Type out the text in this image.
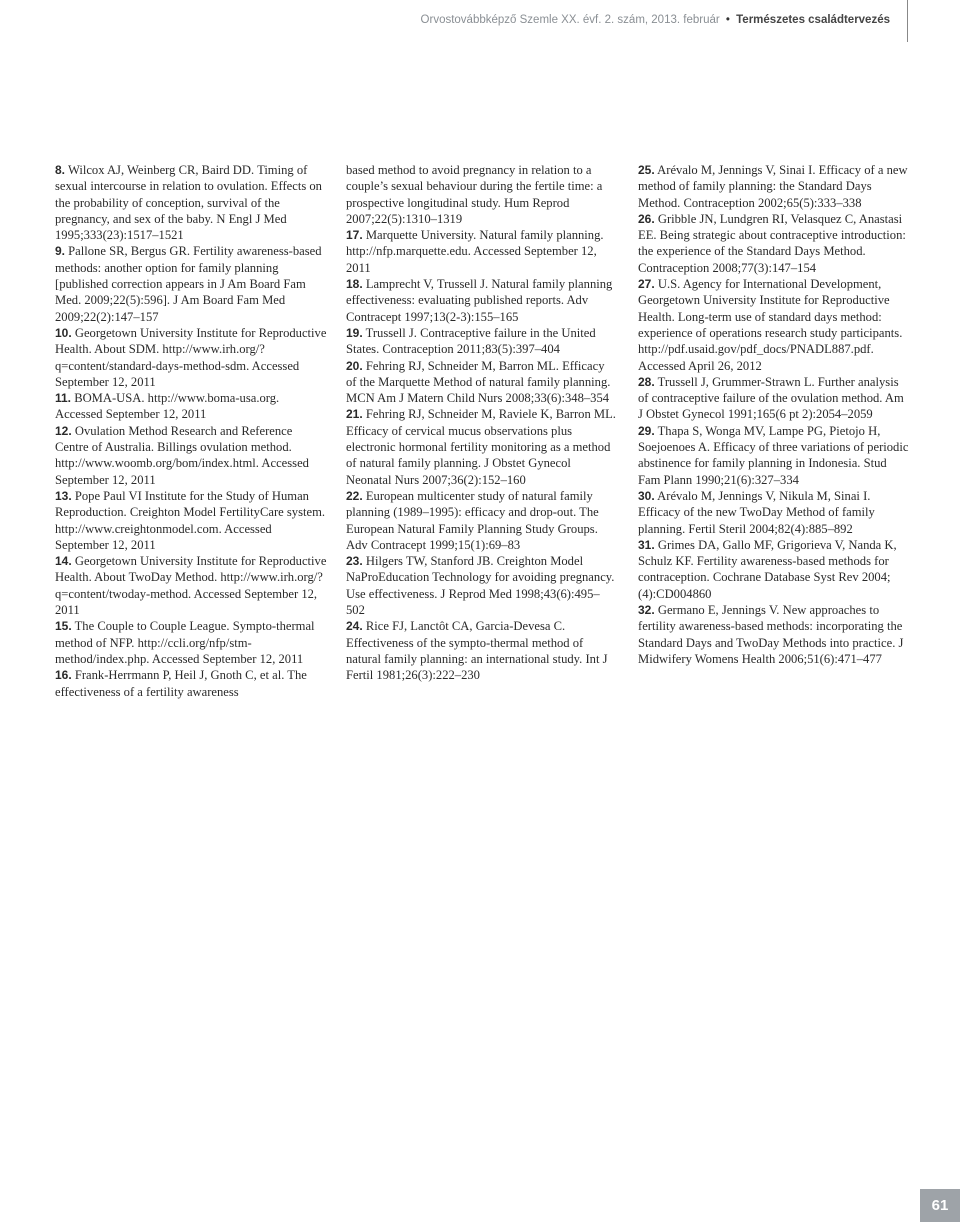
Orvostovábbképző Szemle XX. évf. 2. szám, 2013. február • Természetes családtervezés

8. Wilcox AJ, Weinberg CR, Baird DD. Timing of sexual intercourse in relation to ovulation. Effects on the probability of conception, survival of the pregnancy, and sex of the baby. N Engl J Med 1995;333(23):1517–1521

9. Pallone SR, Bergus GR. Fertility awareness-based methods: another option for family planning [published correction appears in J Am Board Fam Med. 2009;22(5):596]. J Am Board Fam Med 2009;22(2):147–157

10. Georgetown University Institute for Reproductive Health. About SDM. http://www.irh.org/?q=content/standard-days-method-sdm. Accessed September 12, 2011

11. BOMA-USA. http://www.boma-usa.org. Accessed September 12, 2011

12. Ovulation Method Research and Reference Centre of Australia. Billings ovulation method. http://www.woomb.org/bom/index.html. Accessed September 12, 2011

13. Pope Paul VI Institute for the Study of Human Reproduction. Creighton Model FertilityCare system. http://www.creightonmodel.com. Accessed September 12, 2011

14. Georgetown University Institute for Reproductive Health. About TwoDay Method. http://www.irh.org/?q=content/twoday-method. Accessed September 12, 2011

15. The Couple to Couple League. Sympto-thermal method of NFP. http://ccli.org/nfp/stm-method/index.php. Accessed September 12, 2011

16. Frank-Herrmann P, Heil J, Gnoth C, et al. The effectiveness of a fertility awareness

based method to avoid pregnancy in relation to a couple’s sexual behaviour during the fertile time: a prospective longitudinal study. Hum Reprod 2007;22(5):1310–1319

17. Marquette University. Natural family planning. http://nfp.marquette.edu. Accessed September 12, 2011

18. Lamprecht V, Trussell J. Natural family planning effectiveness: evaluating published reports. Adv Contracept 1997;13(2-3):155–165

19. Trussell J. Contraceptive failure in the United States. Contraception 2011;83(5):397–404

20. Fehring RJ, Schneider M, Barron ML. Efficacy of the Marquette Method of natural family planning. MCN Am J Matern Child Nurs 2008;33(6):348–354

21. Fehring RJ, Schneider M, Raviele K, Barron ML. Efficacy of cervical mucus observations plus electronic hormonal fertility monitoring as a method of natural family planning. J Obstet Gynecol Neonatal Nurs 2007;36(2):152–160

22. European multicenter study of natural family planning (1989–1995): efficacy and drop-out. The European Natural Family Planning Study Groups. Adv Contracept 1999;15(1):69–83

23. Hilgers TW, Stanford JB. Creighton Model NaProEducation Technology for avoiding pregnancy. Use effectiveness. J Reprod Med 1998;43(6):495–502

24. Rice FJ, Lanctôt CA, Garcia-Devesa C. Effectiveness of the sympto-thermal method of natural family planning: an international study. Int J Fertil 1981;26(3):222–230

25. Arévalo M, Jennings V, Sinai I. Efficacy of a new method of family planning: the Standard Days Method. Contraception 2002;65(5):333–338

26. Gribble JN, Lundgren RI, Velasquez C, Anastasi EE. Being strategic about contraceptive introduction: the experience of the Standard Days Method. Contraception 2008;77(3):147–154

27. U.S. Agency for International Development, Georgetown University Institute for Reproductive Health. Long-term use of standard days method: experience of operations research study participants. http://pdf.usaid.gov/pdf_docs/PNADL887.pdf. Accessed April 26, 2012

28. Trussell J, Grummer-Strawn L. Further analysis of contraceptive failure of the ovulation method. Am J Obstet Gynecol 1991;165(6 pt 2):2054–2059

29. Thapa S, Wonga MV, Lampe PG, Pietojo H, Soejoenoes A. Efficacy of three variations of periodic abstinence for family planning in Indonesia. Stud Fam Plann 1990;21(6):327–334

30. Arévalo M, Jennings V, Nikula M, Sinai I. Efficacy of the new TwoDay Method of family planning. Fertil Steril 2004;82(4):885–892

31. Grimes DA, Gallo MF, Grigorieva V, Nanda K, Schulz KF. Fertility awareness-based methods for contraception. Cochrane Database Syst Rev 2004;(4):CD004860

32. Germano E, Jennings V. New approaches to fertility awareness-based methods: incorporating the Standard Days and TwoDay Methods into practice. J Midwifery Womens Health 2006;51(6):471–477

61
